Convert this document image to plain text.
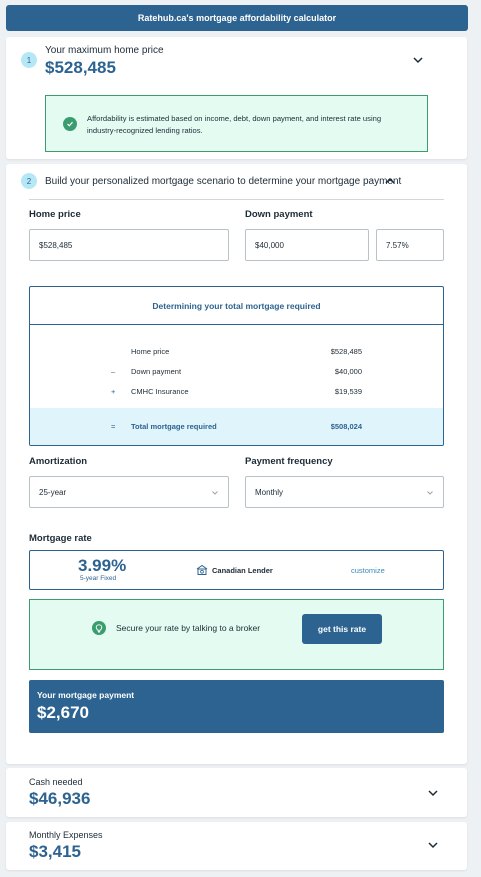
Ratehub.ca's mortgage affordability calculator
1
Your maximum home price
$528,485
Affordability is estimated based on income, debt, down payment, and interest rate using industry-recognized lending ratios.
2	Build your personalized mortgage scenario to determine your mortgage payment
Home price
$528,485	Down payment
$40,000
7.57%
Determining your total mortgage required
Home price	$528,485
– Down payment	$40,000
+ CMHC Insurance	$19,539
= Total mortgage required	$508,024
Amortization
25-year
Payment frequency
Monthly
Mortgage rate
3.99%
5-year Fixed
Canadian Lender	customize
Secure your rate by talking to a broker	get this rate
Your mortgage payment
$2,670
Cash needed
$46,936
Monthly Expenses
$3,415
